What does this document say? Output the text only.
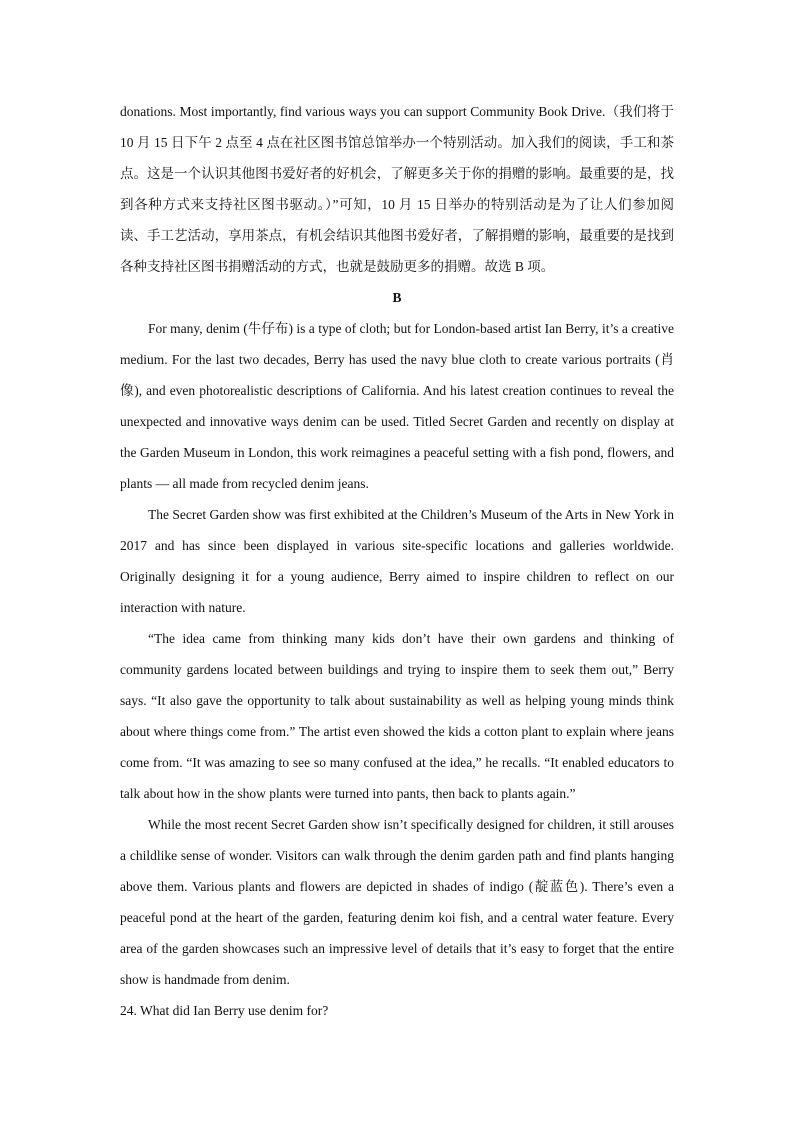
donations. Most importantly, find various ways you can support Community Book Drive.（我们将于 10 月 15 日下午 2 点至 4 点在社区图书馆总馆举办一个特别活动。加入我们的阅读，手工和茶点。这是一个认识其他图书爱好者的好机会，了解更多关于你的捐赠的影响。最重要的是，找到各种方式来支持社区图书驱动。）”可知，10 月 15 日举办的特别活动是为了让人们参加阅读、手工艺活动，享用茶点，有机会结识其他图书爱好者，了解捐赠的影响，最重要的是找到各种支持社区图书捐赠活动的方式，也就是鼓励更多的捐赠。故选 B 项。

B

For many, denim (牛仔布) is a type of cloth; but for London-based artist Ian Berry, it’s a creative medium. For the last two decades, Berry has used the navy blue cloth to create various portraits (肖像), and even photorealistic descriptions of California. And his latest creation continues to reveal the unexpected and innovative ways denim can be used. Titled Secret Garden and recently on display at the Garden Museum in London, this work reimagines a peaceful setting with a fish pond, flowers, and plants — all made from recycled denim jeans.

The Secret Garden show was first exhibited at the Children’s Museum of the Arts in New York in 2017 and has since been displayed in various site-specific locations and galleries worldwide. Originally designing it for a young audience, Berry aimed to inspire children to reflect on our interaction with nature.

“The idea came from thinking many kids don’t have their own gardens and thinking of community gardens located between buildings and trying to inspire them to seek them out,” Berry says. “It also gave the opportunity to talk about sustainability as well as helping young minds think about where things come from.” The artist even showed the kids a cotton plant to explain where jeans come from. “It was amazing to see so many confused at the idea,” he recalls. “It enabled educators to talk about how in the show plants were turned into pants, then back to plants again.”

While the most recent Secret Garden show isn’t specifically designed for children, it still arouses a childlike sense of wonder. Visitors can walk through the denim garden path and find plants hanging above them. Various plants and flowers are depicted in shades of indigo (靛蓝色). There’s even a peaceful pond at the heart of the garden, featuring denim koi fish, and a central water feature. Every area of the garden showcases such an impressive level of details that it’s easy to forget that the entire show is handmade from denim.

24. What did Ian Berry use denim for?
